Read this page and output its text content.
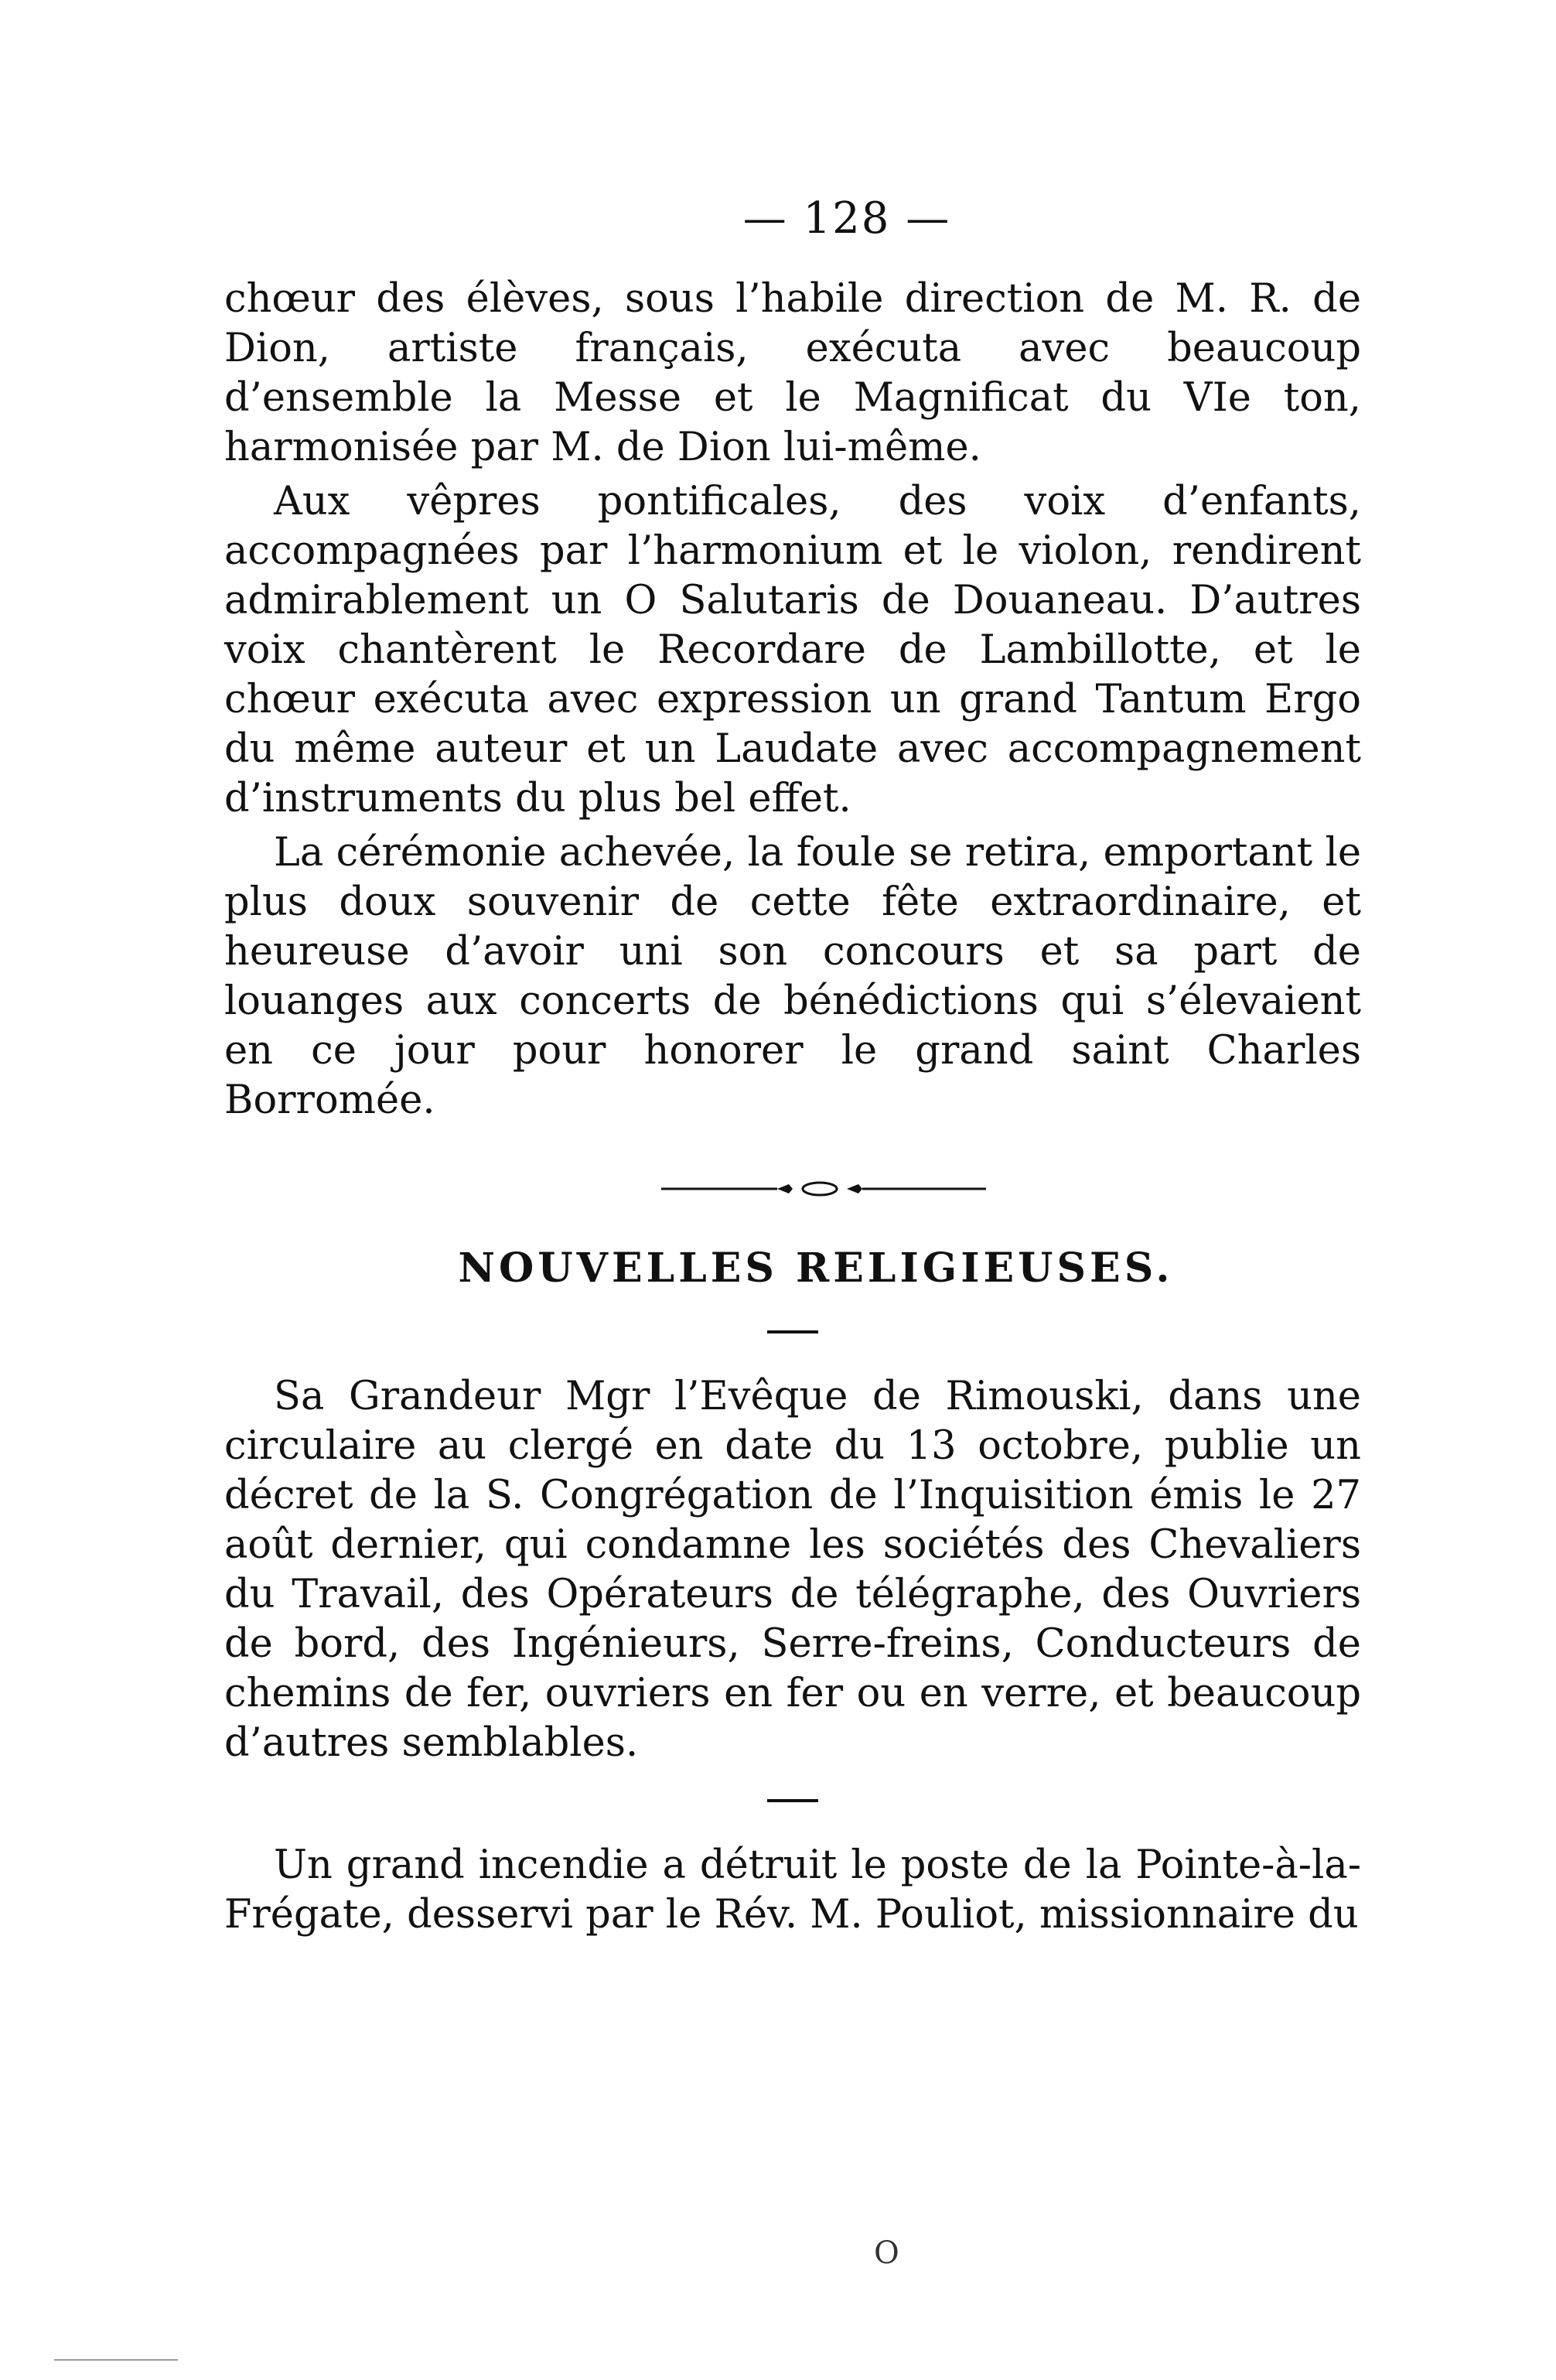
— 128 —

chœur des élèves, sous l’habile direction de M. R. de Dion, artiste français, exécuta avec beaucoup d’ensemble la Messe et le Magnificat du VIe ton, harmonisée par M. de Dion lui-même.

Aux vêpres pontificales, des voix d’enfants, accompagnées par l’harmonium et le violon, rendirent admirablement un O Salutaris de Douaneau. D’autres voix chantèrent le Recordare de Lambillotte, et le chœur exécuta avec expression un grand Tantum Ergo du même auteur et un Laudate avec accompagnement d’instruments du plus bel effet.

La cérémonie achevée, la foule se retira, emportant le plus doux souvenir de cette fête extraordinaire, et heureuse d’avoir uni son concours et sa part de louanges aux concerts de bénédictions qui s’élevaient en ce jour pour honorer le grand saint Charles Borromée.

NOUVELLES RELIGIEUSES.

Sa Grandeur Mgr l’Evêque de Rimouski, dans une circulaire au clergé en date du 13 octobre, publie un décret de la S. Congrégation de l’Inquisition émis le 27 août dernier, qui condamne les sociétés des Chevaliers du Travail, des Opérateurs de télégraphe, des Ouvriers de bord, des Ingénieurs, Serre-freins, Conducteurs de chemins de fer, ouvriers en fer ou en verre, et beaucoup d’autres semblables.

Un grand incendie a détruit le poste de la Pointe-à-la-Frégate, desservi par le Rév. M. Pouliot, missionnaire du

O
